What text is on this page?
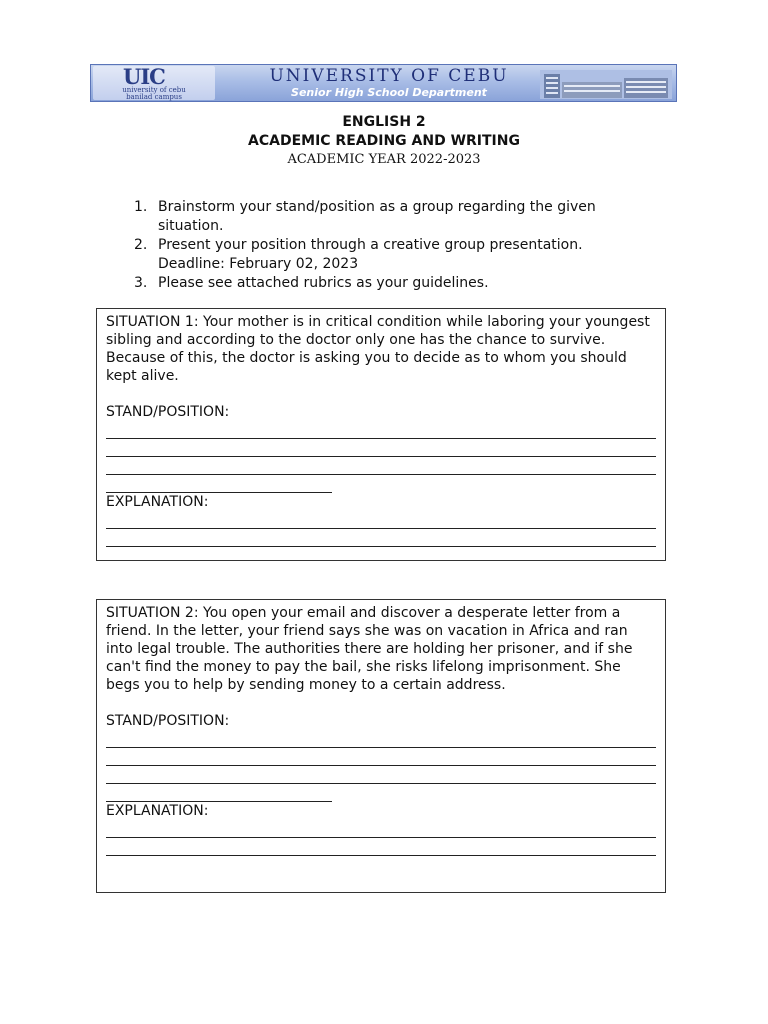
UIC
university of cebu
banilad campus
UNIVERSITY OF CEBU
Senior High School Department
ENGLISH 2
ACADEMIC READING AND WRITING
ACADEMIC YEAR 2022-2023
1. Brainstorm your stand/position as a group regarding the given situation.
2. Present your position through a creative group presentation. Deadline: February 02, 2023
3. Please see attached rubrics as your guidelines.

SITUATION 1: Your mother is in critical condition while laboring your youngest sibling and according to the doctor only one has the chance to survive. Because of this, the doctor is asking you to decide as to whom you should kept alive.

STAND/POSITION:
EXPLANATION:

SITUATION 2: You open your email and discover a desperate letter from a friend. In the letter, your friend says she was on vacation in Africa and ran into legal trouble. The authorities there are holding her prisoner, and if she can't find the money to pay the bail, she risks lifelong imprisonment. She begs you to help by sending money to a certain address.

STAND/POSITION:
EXPLANATION:
